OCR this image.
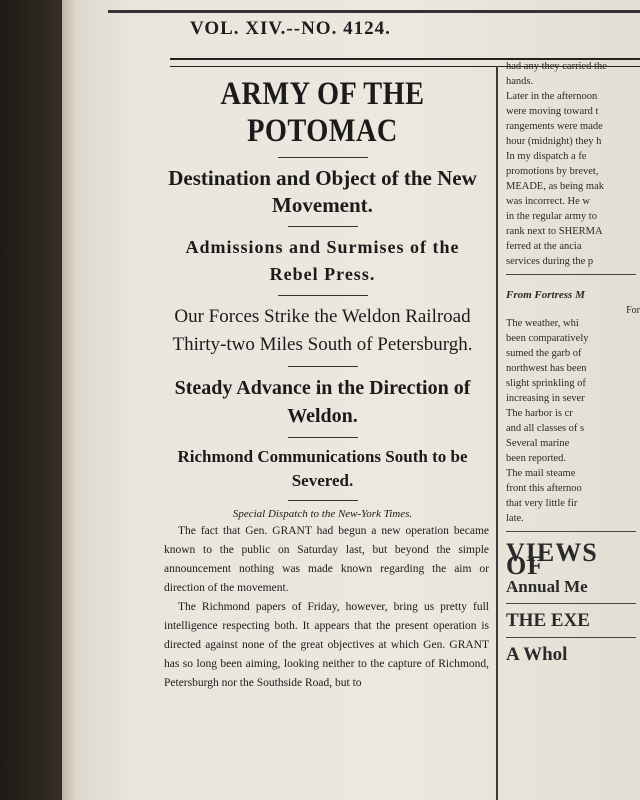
VOL. XIV.--NO. 4124.
ARMY OF THE POTOMAC
Destination and Object of the New Movement.
Admissions and Surmises of the Rebel Press.
Our Forces Strike the Weldon Railroad Thirty-two Miles South of Petersburgh.
Steady Advance in the Direction of Weldon.
Richmond Communications South to be Severed.
Special Dispatch to the New-York Times.

The fact that Gen. GRANT had begun a new operation became known to the public on Saturday last, but beyond the simple announcement nothing was made known regarding the aim or direction of the movement.

The Richmond papers of Friday, however, bring us pretty full intelligence respecting both. It appears that the present operation is directed against none of the great objectives at which Gen. GRANT has so long been aiming, looking neither to the capture of Richmond, Petersburgh nor the Southside Road, but to

had any they carried the

hands.

Later in the afternoon

were moving toward t

rangements were made

hour (midnight) they h

In my dispatch a fe

promotions by brevet,

MEADE, as being mak

was incorrect. He w

in the regular army to

rank next to SHERMA

ferred at the ancia

services during the p

From Fortress M
For

The weather, whi

been comparatively

sumed the garb of

northwest has been

slight sprinkling of

increasing in sever

The harbor is cr

and all classes of s

Several marine

been reported.

The mail steame

front this afternoo

that very little fir

late.

VIEWS OF
Annual Me
THE EXE
A Whol
